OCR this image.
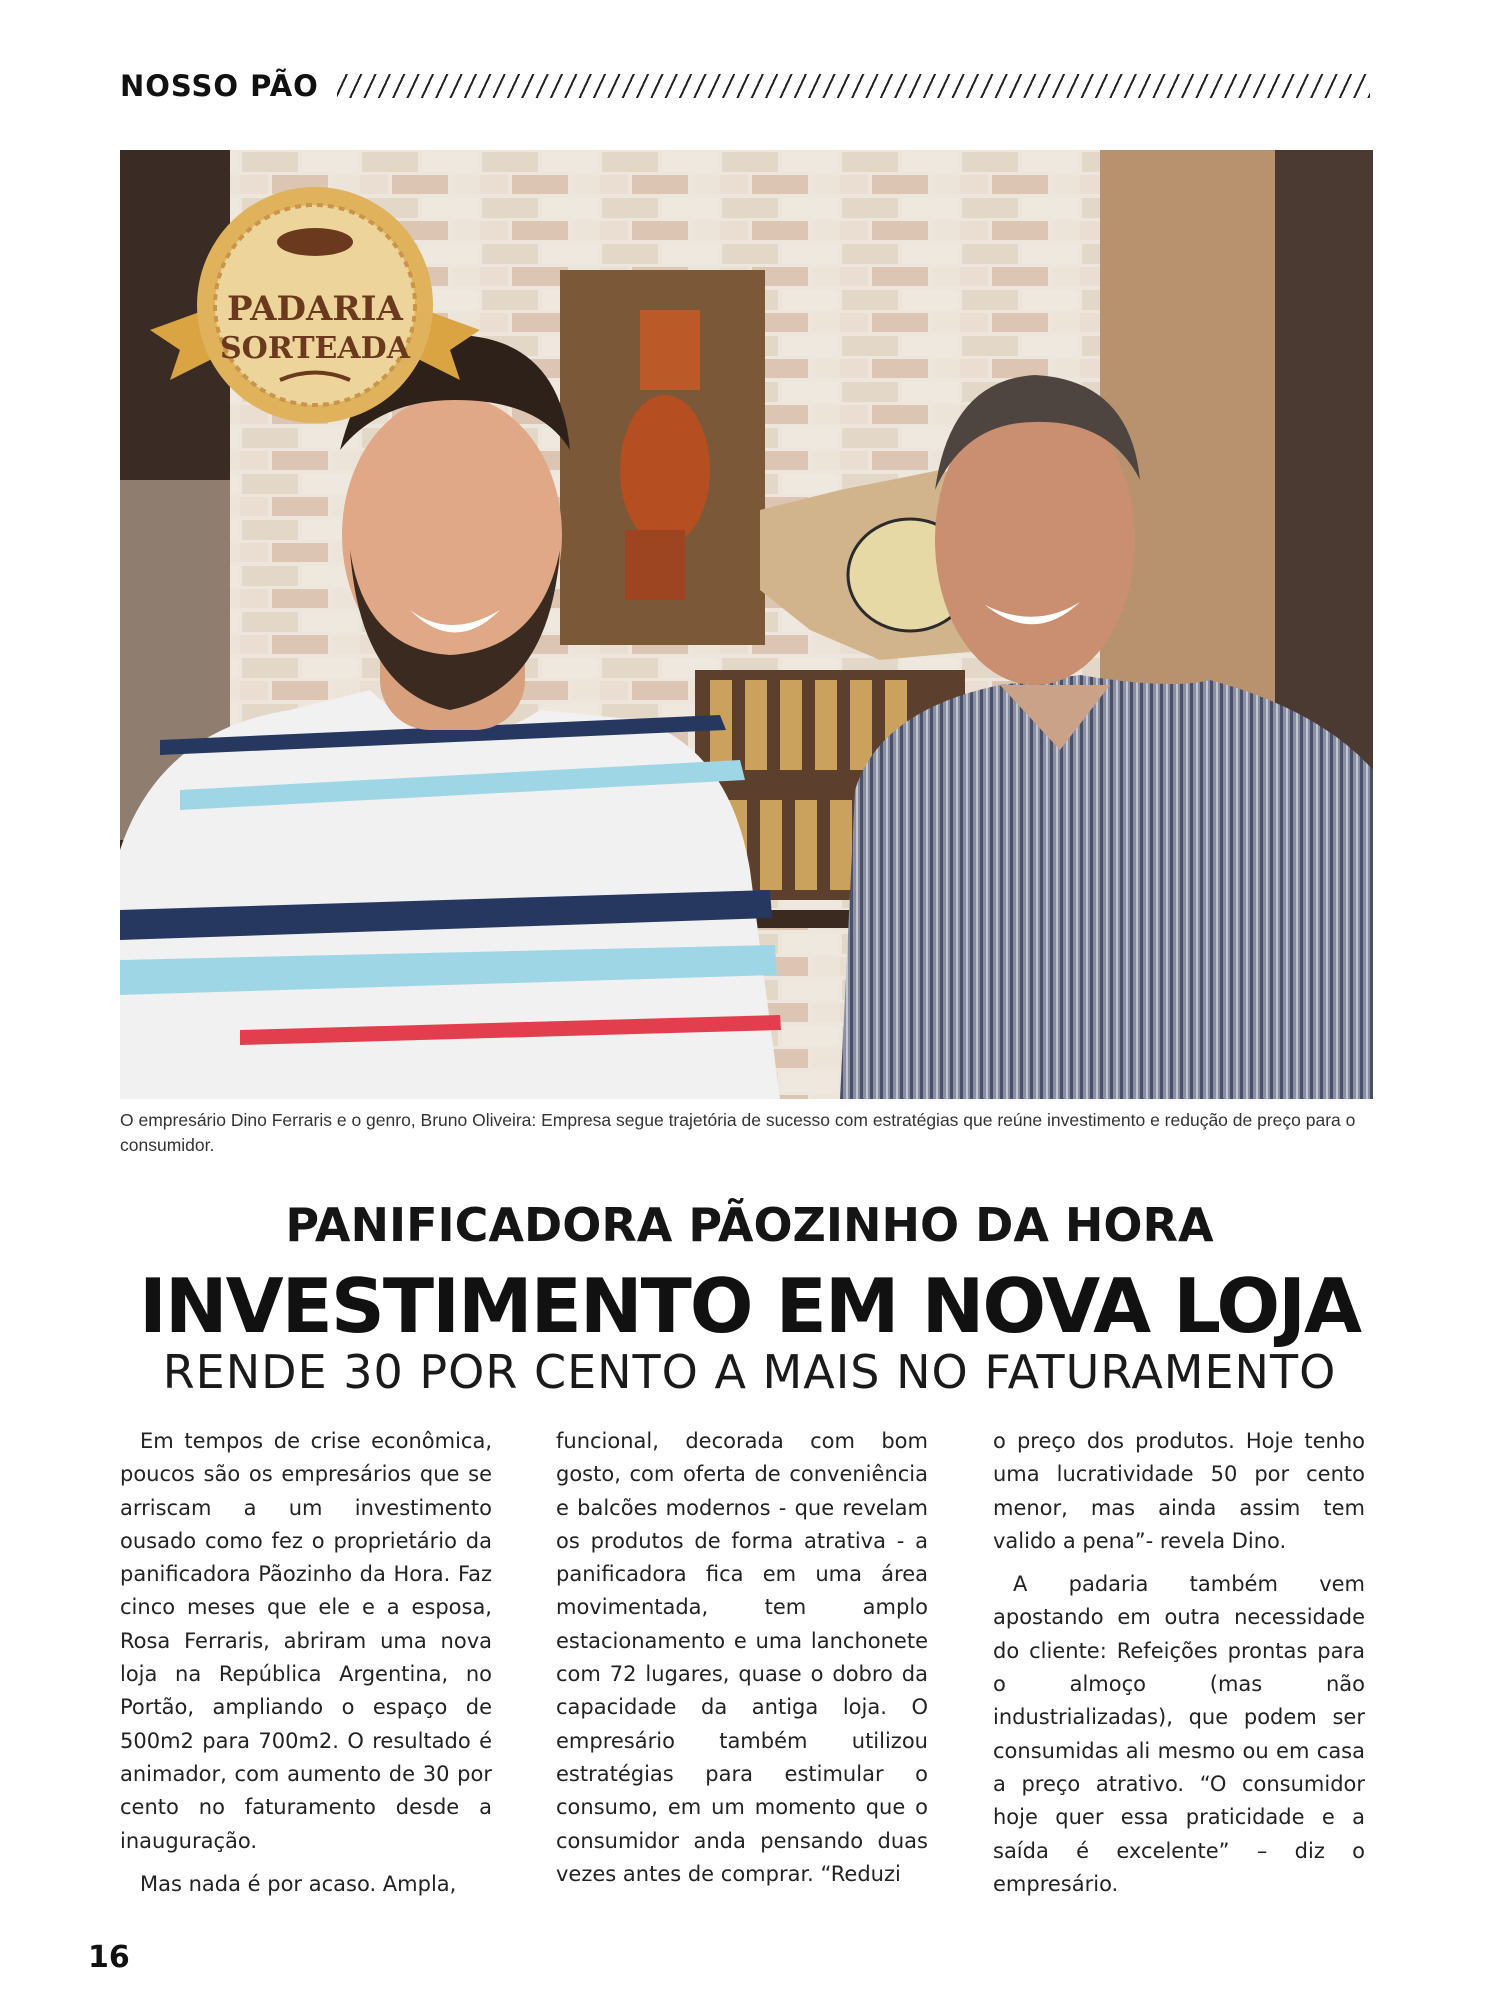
NOSSO PÃO
PADARIA
SORTEADA
O empresário Dino Ferraris e o genro, Bruno Oliveira: Empresa segue trajetória de sucesso com estratégias que reúne investimento e redução de preço para o consumidor.
PANIFICADORA PÃOZINHO DA HORA
INVESTIMENTO EM NOVA LOJA
RENDE 30 POR CENTO A MAIS NO FATURAMENTO

Em tempos de crise econômica, poucos são os empresários que se arriscam a um investimento ousado como fez o proprietário da panificadora Pãozinho da Hora. Faz cinco meses que ele e a esposa, Rosa Ferraris, abriram uma nova loja na República Argentina, no Portão, ampliando o espaço de 500m2 para 700m2. O resultado é animador, com aumento de 30 por cento no faturamento desde a inauguração.

Mas nada é por acaso. Ampla,

funcional, decorada com bom gosto, com oferta de conveniência e balcões modernos - que revelam os produtos de forma atrativa - a panificadora fica em uma área movimentada, tem amplo estacionamento e uma lanchonete com 72 lugares, quase o dobro da capacidade da antiga loja. O empresário também utilizou estratégias para estimular o consumo, em um momento que o consumidor anda pensando duas vezes antes de comprar. “Reduzi

o preço dos produtos. Hoje tenho uma lucratividade 50 por cento menor, mas ainda assim tem valido a pena”- revela Dino.

A padaria também vem apostando em outra necessidade do cliente: Refeições prontas para o almoço (mas não industrializadas), que podem ser consumidas ali mesmo ou em casa a preço atrativo. “O consumidor hoje quer essa praticidade e a saída é excelente” – diz o empresário.

16
